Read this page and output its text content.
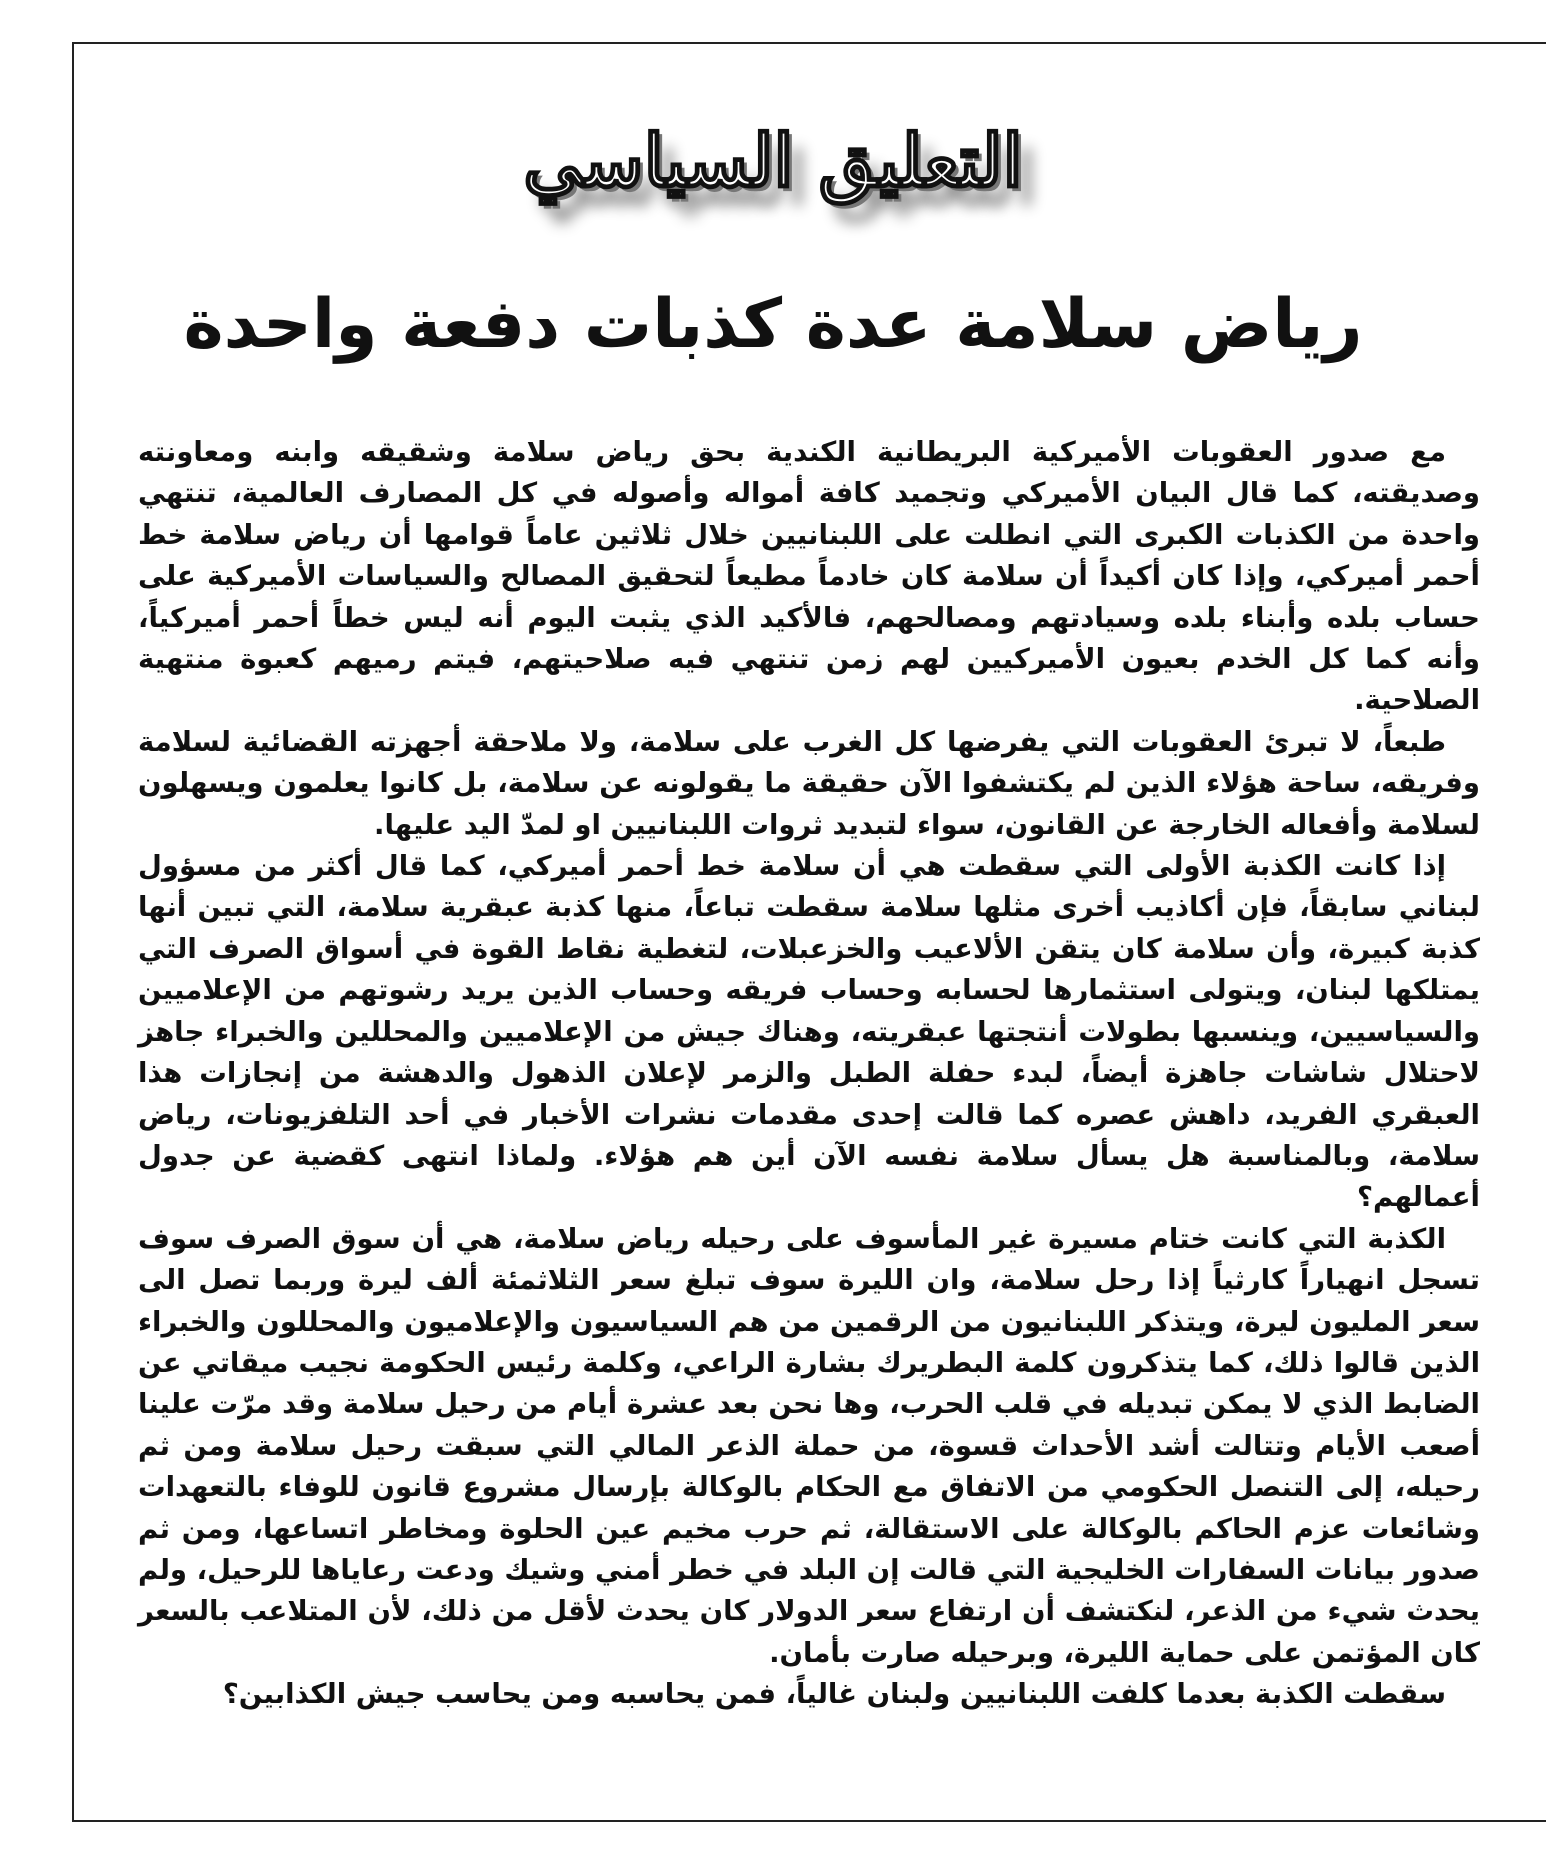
التعليق السياسي
رياض سلامة عدة كذبات دفعة واحدة

مع صدور العقوبات الأميركية البريطانية الكندية بحق رياض سلامة وشقيقه وابنه ومعاونته وصديقته، كما قال البيان الأميركي وتجميد كافة أمواله وأصوله في كل المصارف العالمية، تنتهي واحدة من الكذبات الكبرى التي انطلت على اللبنانيين خلال ثلاثين عاماً قوامها أن رياض سلامة خط أحمر أميركي، وإذا كان أكيداً أن سلامة كان خادماً مطيعاً لتحقيق المصالح والسياسات الأميركية على حساب بلده وأبناء بلده وسيادتهم ومصالحهم، فالأكيد الذي يثبت اليوم أنه ليس خطاً أحمر أميركياً، وأنه كما كل الخدم بعيون الأميركيين لهم زمن تنتهي فيه صلاحيتهم، فيتم رميهم كعبوة منتهية الصلاحية.

طبعاً، لا تبرئ العقوبات التي يفرضها كل الغرب على سلامة، ولا ملاحقة أجهزته القضائية لسلامة وفريقه، ساحة هؤلاء الذين لم يكتشفوا الآن حقيقة ما يقولونه عن سلامة، بل كانوا يعلمون ويسهلون لسلامة وأفعاله الخارجة عن القانون، سواء لتبديد ثروات اللبنانيين او لمدّ اليد عليها.

إذا كانت الكذبة الأولى التي سقطت هي أن سلامة خط أحمر أميركي، كما قال أكثر من مسؤول لبناني سابقاً، فإن أكاذيب أخرى مثلها سلامة سقطت تباعاً، منها كذبة عبقرية سلامة، التي تبين أنها كذبة كبيرة، وأن سلامة كان يتقن الألاعيب والخزعبلات، لتغطية نقاط القوة في أسواق الصرف التي يمتلكها لبنان، ويتولى استثمارها لحسابه وحساب فريقه وحساب الذين يريد رشوتهم من الإعلاميين والسياسيين، وينسبها بطولات أنتجتها عبقريته، وهناك جيش من الإعلاميين والمحللين والخبراء جاهز لاحتلال شاشات جاهزة أيضاً، لبدء حفلة الطبل والزمر لإعلان الذهول والدهشة من إنجازات هذا العبقري الفريد، داهش عصره كما قالت إحدى مقدمات نشرات الأخبار في أحد التلفزيونات، رياض سلامة، وبالمناسبة هل يسأل سلامة نفسه الآن أين هم هؤلاء. ولماذا انتهى كقضية عن جدول أعمالهم؟

الكذبة التي كانت ختام مسيرة غير المأسوف على رحيله رياض سلامة، هي أن سوق الصرف سوف تسجل انهياراً كارثياً إذا رحل سلامة، وان الليرة سوف تبلغ سعر الثلاثمئة ألف ليرة وربما تصل الى سعر المليون ليرة، ويتذكر اللبنانيون من الرقمين من هم السياسيون والإعلاميون والمحللون والخبراء الذين قالوا ذلك، كما يتذكرون كلمة البطريرك بشارة الراعي، وكلمة رئيس الحكومة نجيب ميقاتي عن الضابط الذي لا يمكن تبديله في قلب الحرب، وها نحن بعد عشرة أيام من رحيل سلامة وقد مرّت علينا أصعب الأيام وتتالت أشد الأحداث قسوة، من حملة الذعر المالي التي سبقت رحيل سلامة ومن ثم رحيله، إلى التنصل الحكومي من الاتفاق مع الحكام بالوكالة بإرسال مشروع قانون للوفاء بالتعهدات وشائعات عزم الحاكم بالوكالة على الاستقالة، ثم حرب مخيم عين الحلوة ومخاطر اتساعها، ومن ثم صدور بيانات السفارات الخليجية التي قالت إن البلد في خطر أمني وشيك ودعت رعاياها للرحيل، ولم يحدث شيء من الذعر، لنكتشف أن ارتفاع سعر الدولار كان يحدث لأقل من ذلك، لأن المتلاعب بالسعر كان المؤتمن على حماية الليرة، وبرحيله صارت بأمان.

سقطت الكذبة بعدما كلفت اللبنانيين ولبنان غالياً، فمن يحاسبه ومن يحاسب جيش الكذابين؟
